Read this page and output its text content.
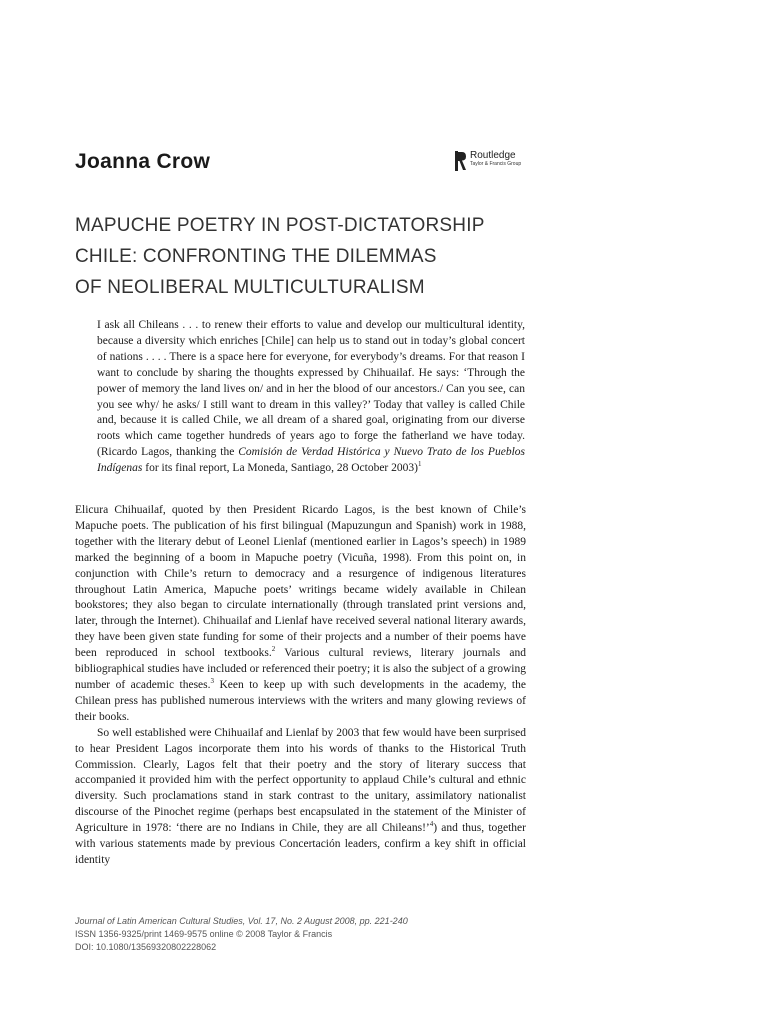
Joanna Crow	Routledge
Taylor & Francis Group
MAPUCHE POETRY IN POST-DICTATORSHIP
CHILE: CONFRONTING THE DILEMMAS
OF NEOLIBERAL MULTICULTURALISM
I ask all Chileans . . . to renew their efforts to value and develop our multicultural identity, because a diversity which enriches [Chile] can help us to stand out in today’s global concert of nations . . . . There is a space here for everyone, for everybody’s dreams. For that reason I want to conclude by sharing the thoughts expressed by Chihuailaf. He says: ‘Through the power of memory the land lives on/ and in her the blood of our ancestors./ Can you see, can you see why/ he asks/ I still want to dream in this valley?’ Today that valley is called Chile and, because it is called Chile, we all dream of a shared goal, originating from our diverse roots which came together hundreds of years ago to forge the fatherland we have today. (Ricardo Lagos, thanking the Comisión de Verdad Histórica y Nuevo Trato de los Pueblos Indígenas for its final report, La Moneda, Santiago, 28 October 2003)$^1$

Elicura Chihuailaf, quoted by then President Ricardo Lagos, is the best known of Chile’s Mapuche poets. The publication of his first bilingual (Mapuzungun and Spanish) work in 1988, together with the literary debut of Leonel Lienlaf (mentioned earlier in Lagos’s speech) in 1989 marked the beginning of a boom in Mapuche poetry (Vicuña, 1998). From this point on, in conjunction with Chile’s return to democracy and a resurgence of indigenous literatures throughout Latin America, Mapuche poets’ writings became widely available in Chilean bookstores; they also began to circulate internationally (through translated print versions and, later, through the Internet). Chihuailaf and Lienlaf have received several national literary awards, they have been given state funding for some of their projects and a number of their poems have been reproduced in school textbooks.$^2$ Various cultural reviews, literary journals and bibliographical studies have included or referenced their poetry; it is also the subject of a growing number of academic theses.$^3$ Keen to keep up with such developments in the academy, the Chilean press has published numerous interviews with the writers and many glowing reviews of their books.

So well established were Chihuailaf and Lienlaf by 2003 that few would have been surprised to hear President Lagos incorporate them into his words of thanks to the Historical Truth Commission. Clearly, Lagos felt that their poetry and the story of literary success that accompanied it provided him with the perfect opportunity to applaud Chile’s cultural and ethnic diversity. Such proclamations stand in stark contrast to the unitary, assimilatory nationalist discourse of the Pinochet regime (perhaps best encapsulated in the statement of the Minister of Agriculture in 1978: ‘there are no Indians in Chile, they are all Chileans!’$^4$) and thus, together with various statements made by previous Concertación leaders, confirm a key shift in official identity

Journal of Latin American Cultural Studies, Vol. 17, No. 2 August 2008, pp. 221-240
ISSN 1356-9325/print 1469-9575 online © 2008 Taylor & Francis
DOI: 10.1080/13569320802228062
